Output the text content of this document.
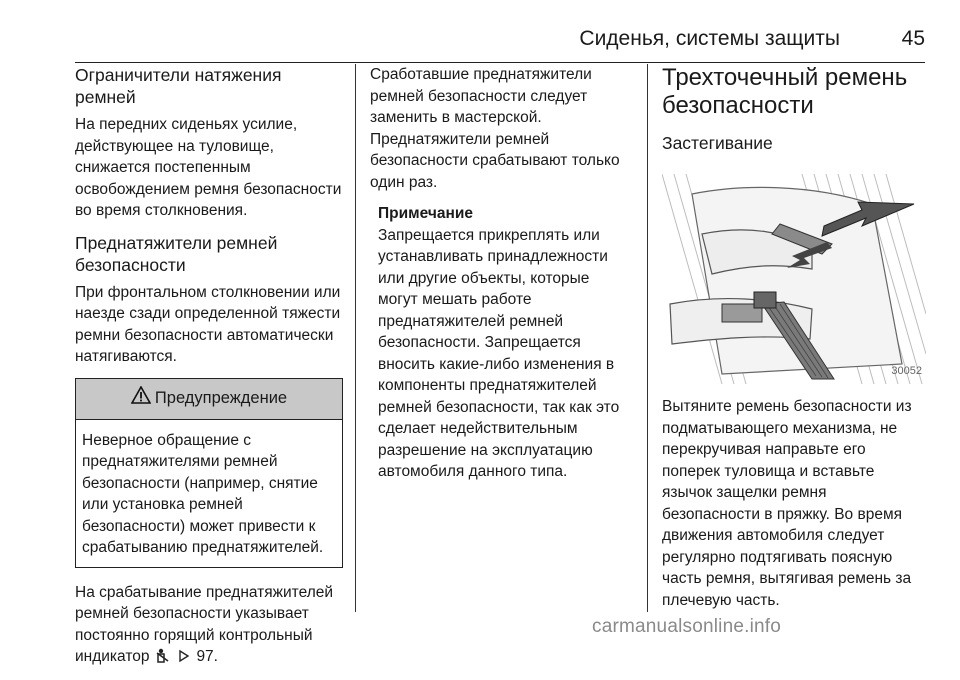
Сиденья, системы защиты	45
Ограничители натяжения ремней

На передних сиденьях усилие, действующее на туловище, снижается постепенным освобождением ремня безопасности во время столкновения.

Преднатяжители ремней безопасности

При фронтальном столкновении или наезде сзади определенной тяжести ремни безопасности автоматически натягиваются.

Предупреждение
Неверное обращение с преднатяжителями ремней безопасности (например, снятие или установка ремней безопасности) может привести к срабатыванию преднатяжителей.

На срабатывание преднатяжителей ремней безопасности указывает постоянно горящий контрольный индикатор	97.

Сработавшие преднатяжители ремней безопасности следует заменить в мастерской. Преднатяжители ремней безопасности срабатывают только один раз.

Примечание
Запрещается прикреплять или устанавливать принадлежности или другие объекты, которые могут мешать работе преднатяжителей ремней безопасности. Запрещается вносить какие-либо изменения в компоненты преднатяжителей ремней безопасности, так как это сделает недействительным разрешение на эксплуатацию автомобиля данного типа.
Трехточечный ремень безопасности
Застегивание
30052

Вытяните ремень безопасности из подматывающего механизма, не перекручивая направьте его поперек туловища и вставьте язычок защелки ремня безопасности в пряжку. Во время движения автомобиля следует регулярно подтягивать поясную часть ремня, вытягивая ремень за плечевую часть.

carmanualsonline.info
